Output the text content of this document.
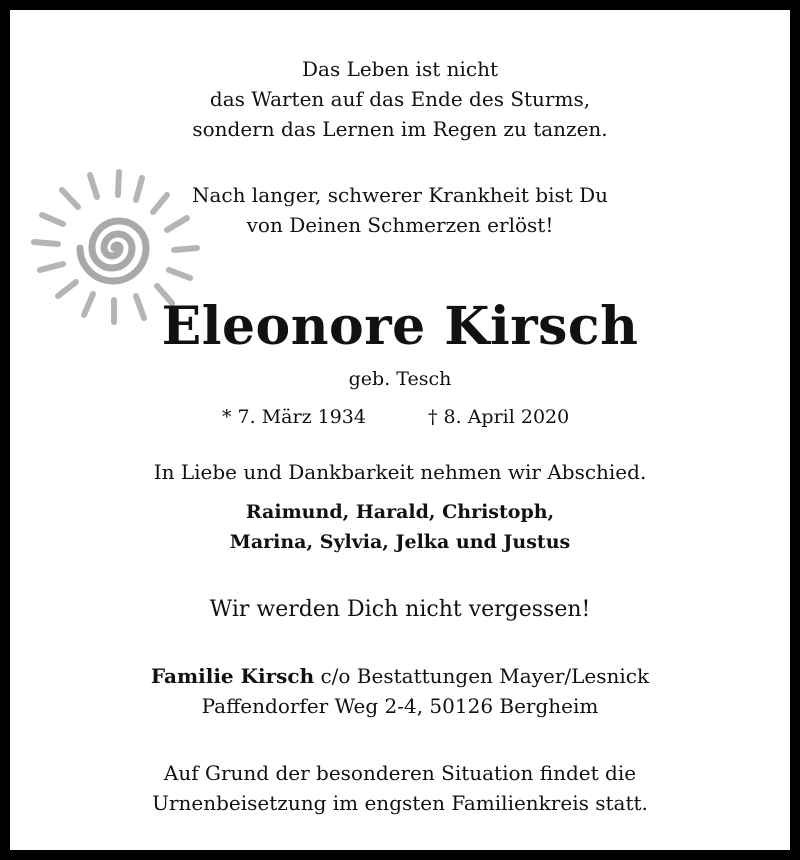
Das Leben ist nicht
das Warten auf das Ende des Sturms,
sondern das Lernen im Regen zu tanzen.
Nach langer, schwerer Krankheit bist Du
von Deinen Schmerzen erlöst!
Eleonore Kirsch
geb. Tesch
* 7. März 1934	† 8. April 2020
In Liebe und Dankbarkeit nehmen wir Abschied.
Raimund, Harald, Christoph,
Marina, Sylvia, Jelka und Justus
Wir werden Dich nicht vergessen!
Familie Kirsch c/o Bestattungen Mayer/Lesnick
Paffendorfer Weg 2-4, 50126 Bergheim
Auf Grund der besonderen Situation findet die
Urnenbeisetzung im engsten Familienkreis statt.
